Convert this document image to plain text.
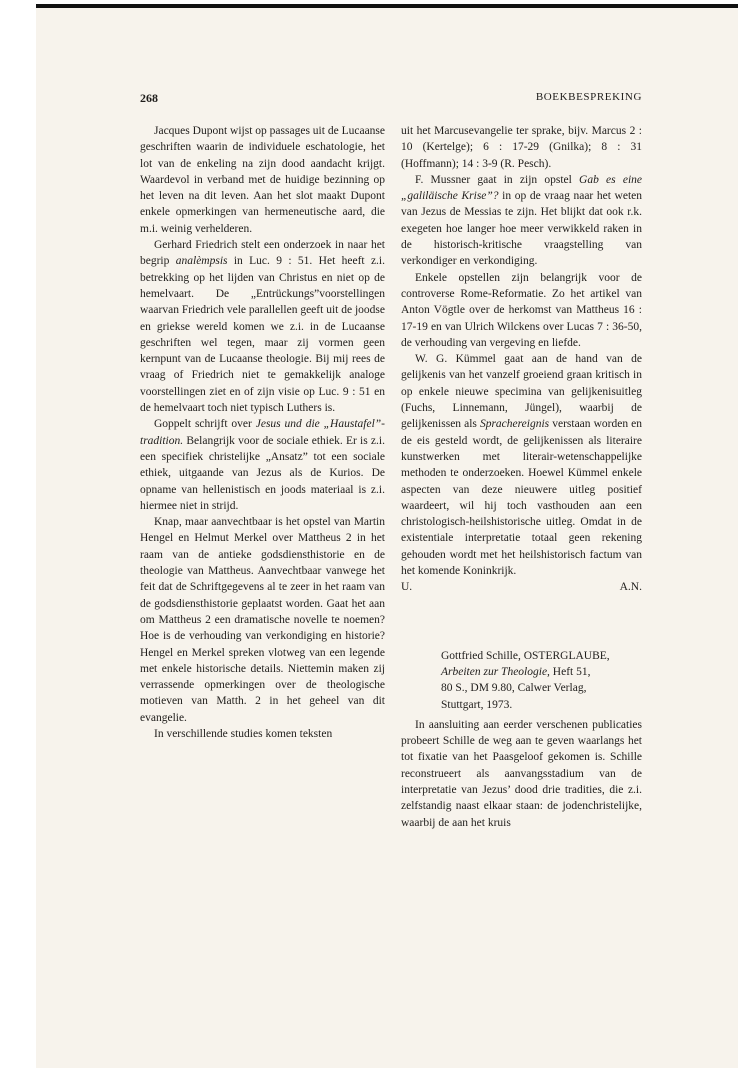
268	BOEKBESPREKING

Jacques Dupont wijst op passages uit de Lucaanse geschriften waarin de individuele eschatologie, het lot van de enkeling na zijn dood aandacht krijgt. Waardevol in verband met de huidige bezinning op het leven na dit leven. Aan het slot maakt Dupont enkele opmerkingen van hermeneutische aard, die m.i. weinig verhelderen.

Gerhard Friedrich stelt een onderzoek in naar het begrip analèmpsis in Luc. 9 : 51. Het heeft z.i. betrekking op het lijden van Christus en niet op de hemelvaart. De „Entrückungs”voorstellingen waarvan Friedrich vele parallellen geeft uit de joodse en griekse wereld komen we z.i. in de Lucaanse geschriften wel tegen, maar zij vormen geen kernpunt van de Lucaanse theologie. Bij mij rees de vraag of Friedrich niet te gemakkelijk analoge voorstellingen ziet en of zijn visie op Luc. 9 : 51 en de hemelvaart toch niet typisch Luthers is.

Goppelt schrijft over Jesus und die „Haustafel”-tradition. Belangrijk voor de sociale ethiek. Er is z.i. een specifiek christelijke „Ansatz” tot een sociale ethiek, uitgaande van Jezus als de Kurios. De opname van hellenistisch en joods materiaal is z.i. hiermee niet in strijd.

Knap, maar aanvechtbaar is het opstel van Martin Hengel en Helmut Merkel over Mattheus 2 in het raam van de antieke godsdiensthistorie en de theologie van Mattheus. Aanvechtbaar vanwege het feit dat de Schriftgegevens al te zeer in het raam van de godsdiensthistorie geplaatst worden. Gaat het aan om Mattheus 2 een dramatische novelle te noemen? Hoe is de verhouding van verkondiging en historie? Hengel en Merkel spreken vlotweg van een legende met enkele historische details. Niettemin maken zij verrassende opmerkingen over de theologische motieven van Matth. 2 in het geheel van dit evangelie.

In verschillende studies komen teksten

uit het Marcusevangelie ter sprake, bijv. Marcus 2 : 10 (Kertelge); 6 : 17-29 (Gnilka); 8 : 31 (Hoffmann); 14 : 3-9 (R. Pesch).

F. Mussner gaat in zijn opstel Gab es eine „galiläische Krise”? in op de vraag naar het weten van Jezus de Messias te zijn. Het blijkt dat ook r.k. exegeten hoe langer hoe meer verwikkeld raken in de historisch-kritische vraagstelling van verkondiger en verkondiging.

Enkele opstellen zijn belangrijk voor de controverse Rome-Reformatie. Zo het artikel van Anton Vögtle over de herkomst van Mattheus 16 : 17-19 en van Ulrich Wilckens over Lucas 7 : 36-50, de verhouding van vergeving en liefde.

W. G. Kümmel gaat aan de hand van de gelijkenis van het vanzelf groeiend graan kritisch in op enkele nieuwe specimina van gelijkenisuitleg (Fuchs, Linnemann, Jüngel), waarbij de gelijkenissen als Sprachereignis verstaan worden en de eis gesteld wordt, de gelijkenissen als literaire kunstwerken met literair-wetenschappelijke methoden te onderzoeken. Hoewel Kümmel enkele aspecten van deze nieuwere uitleg positief waardeert, wil hij toch vasthouden aan een christologisch-heilshistorische uitleg. Omdat in de existentiale interpretatie totaal geen rekening gehouden wordt met het heilshistorisch factum van het komende Koninkrijk.

U.	A.N.
Gottfried Schille, OSTERGLAUBE,
Arbeiten zur Theologie, Heft 51,
80 S., DM 9.80, Calwer Verlag,
Stuttgart, 1973.

In aansluiting aan eerder verschenen publicaties probeert Schille de weg aan te geven waarlangs het tot fixatie van het Paasgeloof gekomen is. Schille reconstrueert als aanvangsstadium van de interpretatie van Jezus’ dood drie tradities, die z.i. zelfstandig naast elkaar staan: de jodenchristelijke, waarbij de aan het kruis
